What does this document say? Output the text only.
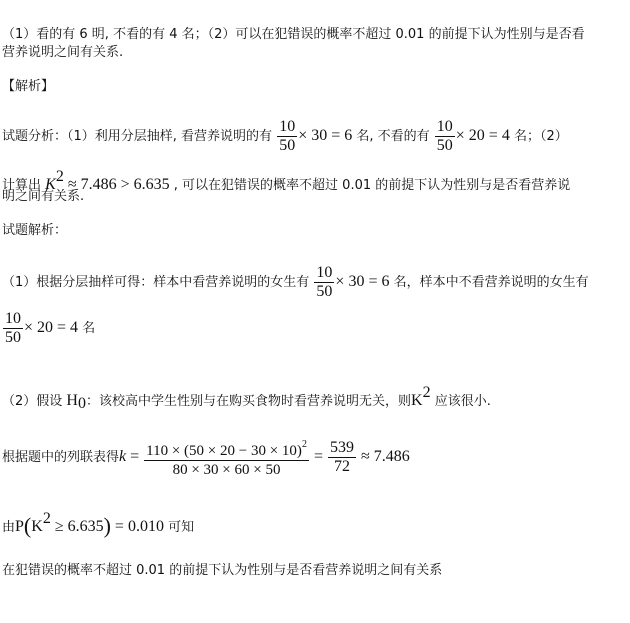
（1）看的有 6 明, 不看的有 4 名；（2）可以在犯错误的概率不超过 0.01 的前提下认为性别与是否看
营养说明之间有关系.
【解析】
试题分析：（1）利用分层抽样, 看营养说明的有 $\frac{10}{50} \times 30 = 6$ 名, 不看的有 $\frac{10}{50} \times 20 = 4$ 名；（2）
计算出 $K^2 \approx 7.486 > 6.635$ , 可以在犯错误的概率不超过 0.01 的前提下认为性别与是否看营养说
明之间有关系.
试题解析：
（1）根据分层抽样可得：样本中看营养说明的女生有 $\frac{10}{50} \times 30 = 6$ 名，样本中不看营养说明的女生有
$\frac{10}{50} \times 20 = 4$ 名
（2）假设 $H_0$：该校高中学生性别与在购买食物时看营养说明无关，则$K^2$ 应该很小.
根据题中的列联表得$k = \frac{110 \times (50 \times 20 - 30 \times 10)^2}{80 \times 30 \times 60 \times 50} = \frac{539}{72} \approx 7.486$
由$P(K^2 \ge 6.635) = 0.010$ 可知
在犯错误的概率不超过 0.01 的前提下认为性别与是否看营养说明之间有关系
